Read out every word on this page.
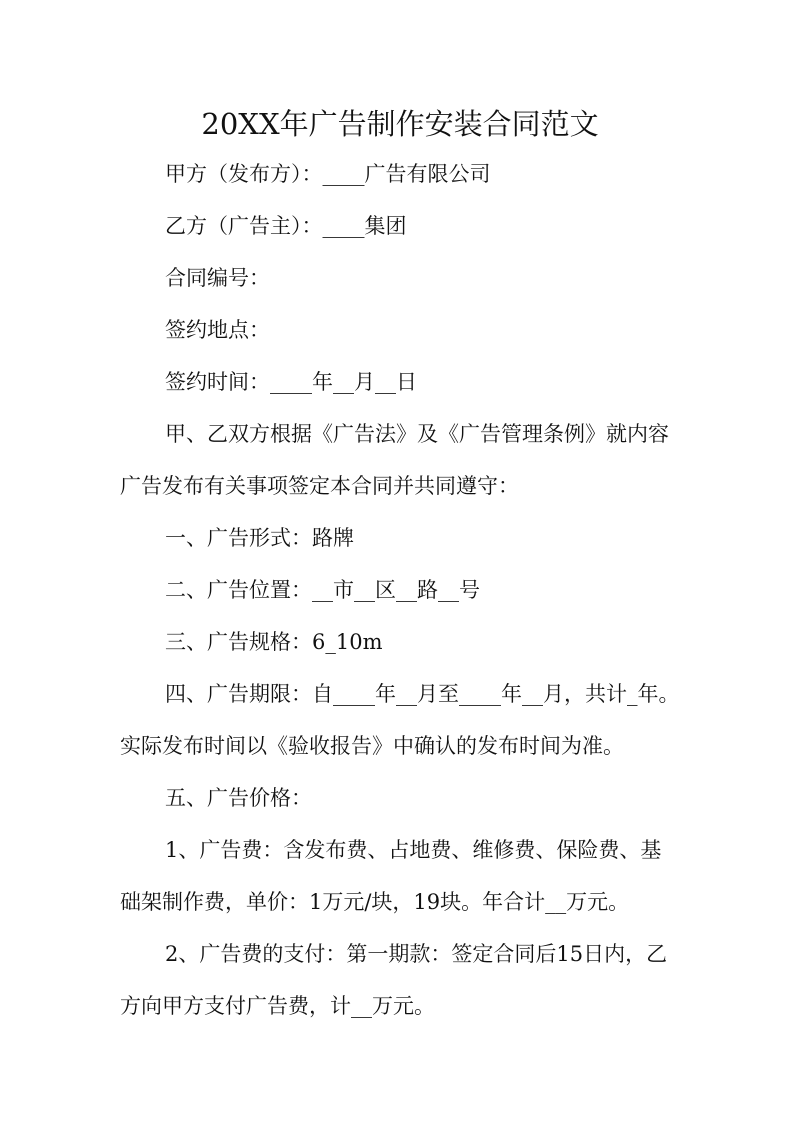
20XX年广告制作安装合同范文
甲方（发布方）：____广告有限公司
乙方（广告主）：____集团
合同编号：
签约地点：
签约时间：____年__月__日
甲、乙双方根据《广告法》及《广告管理条例》就内容
广告发布有关事项签定本合同并共同遵守：
一、广告形式：路牌
二、广告位置：__市__区__路__号
三、广告规格：6_10m
四、广告期限：自____年__月至____年__月，共计_年。
实际发布时间以《验收报告》中确认的发布时间为准。
五、广告价格：
1、广告费：含发布费、占地费、维修费、保险费、基
础架制作费，单价：1万元/块，19块。年合计__万元。
2、广告费的支付：第一期款：签定合同后15日内，乙
方向甲方支付广告费，计__万元。
